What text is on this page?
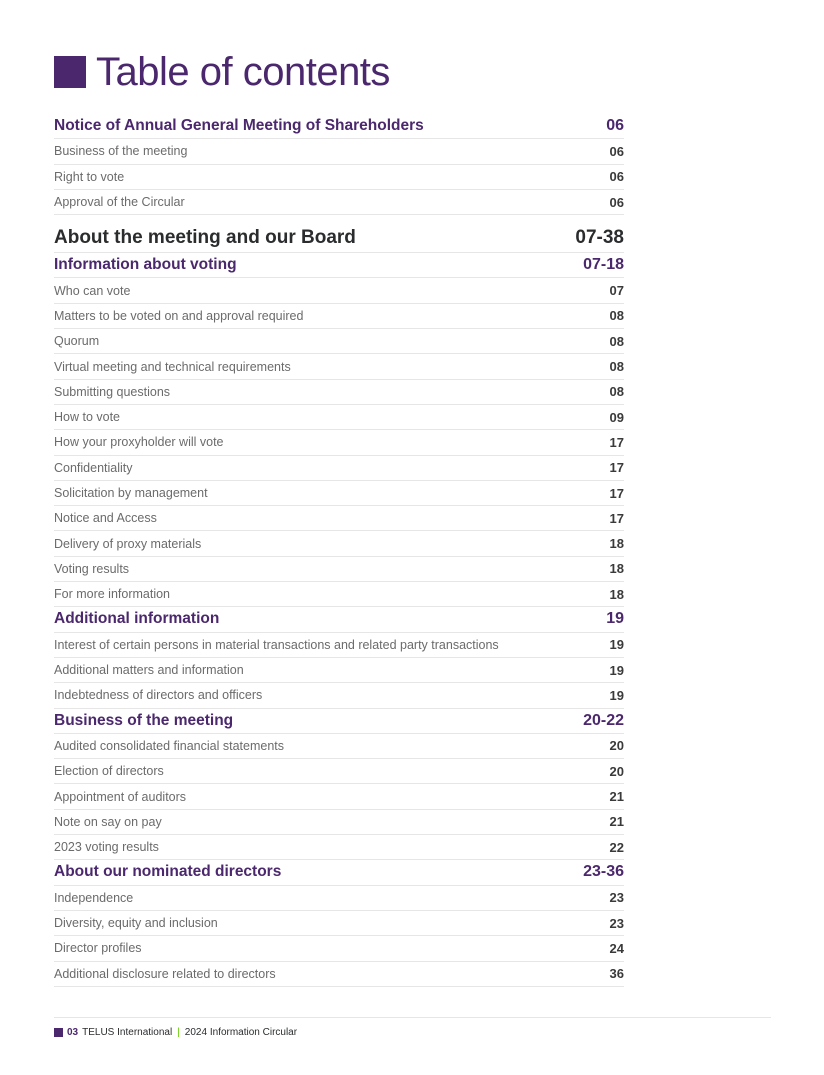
Table of contents
Notice of Annual General Meeting of Shareholders	06
Business of the meeting	06
Right to vote	06
Approval of the Circular	06
About the meeting and our Board	07-38
Information about voting	07-18
Who can vote	07
Matters to be voted on and approval required	08
Quorum	08
Virtual meeting and technical requirements	08
Submitting questions	08
How to vote	09
How your proxyholder will vote	17
Confidentiality	17
Solicitation by management	17
Notice and Access	17
Delivery of proxy materials	18
Voting results	18
For more information	18
Additional information	19
Interest of certain persons in material transactions and related party transactions	19
Additional matters and information	19
Indebtedness of directors and officers	19
Business of the meeting	20-22
Audited consolidated financial statements	20
Election of directors	20
Appointment of auditors	21
Note on say on pay	21
2023 voting results	22
About our nominated directors	23-36
Independence	23
Diversity, equity and inclusion	23
Director profiles	24
Additional disclosure related to directors	36
03 TELUS International | 2024 Information Circular
